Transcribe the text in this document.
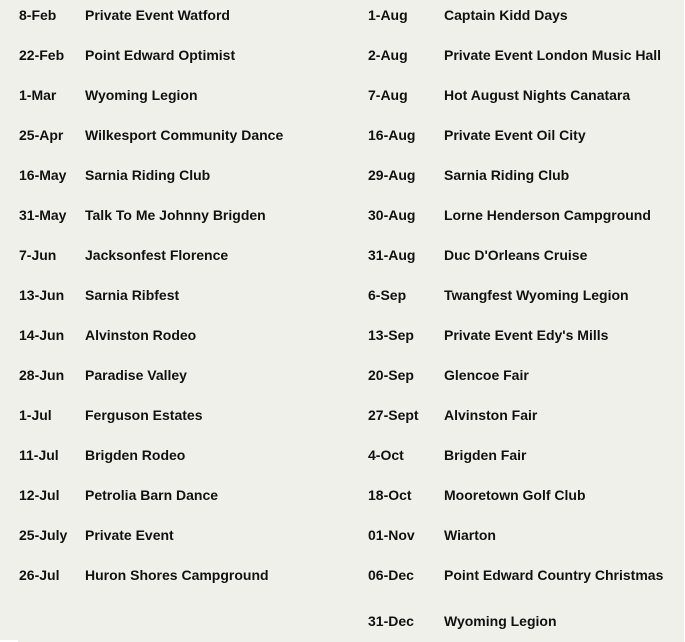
8-Feb Private Event Watford
22-Feb Point Edward Optimist
1-Mar Wyoming Legion
25-Apr Wilkesport Community Dance
16-May Sarnia Riding Club
31-May Talk To Me Johnny Brigden
7-Jun Jacksonfest Florence
13-Jun Sarnia Ribfest
14-Jun Alvinston Rodeo
28-Jun Paradise Valley
1-Jul Ferguson Estates
11-Jul Brigden Rodeo
12-Jul Petrolia Barn Dance
25-July Private Event
26-Jul Huron Shores Campground
1-Aug	Captain Kidd Days
2-Aug	Private Event London Music Hall
7-Aug	Hot August Nights Canatara
16-Aug Private Event Oil City
29-Aug Sarnia Riding Club
30-Aug Lorne Henderson Campground
31-Aug Duc D'Orleans Cruise
6-Sep	Twangfest Wyoming Legion
13-Sep Private Event Edy's Mills
20-Sep Glencoe Fair
27-Sept Alvinston Fair
4-Oct	Brigden Fair
18-Oct Mooretown Golf Club
01-Nov Wiarton
06-Dec Point Edward Country Christmas
31-Dec Wyoming Legion
